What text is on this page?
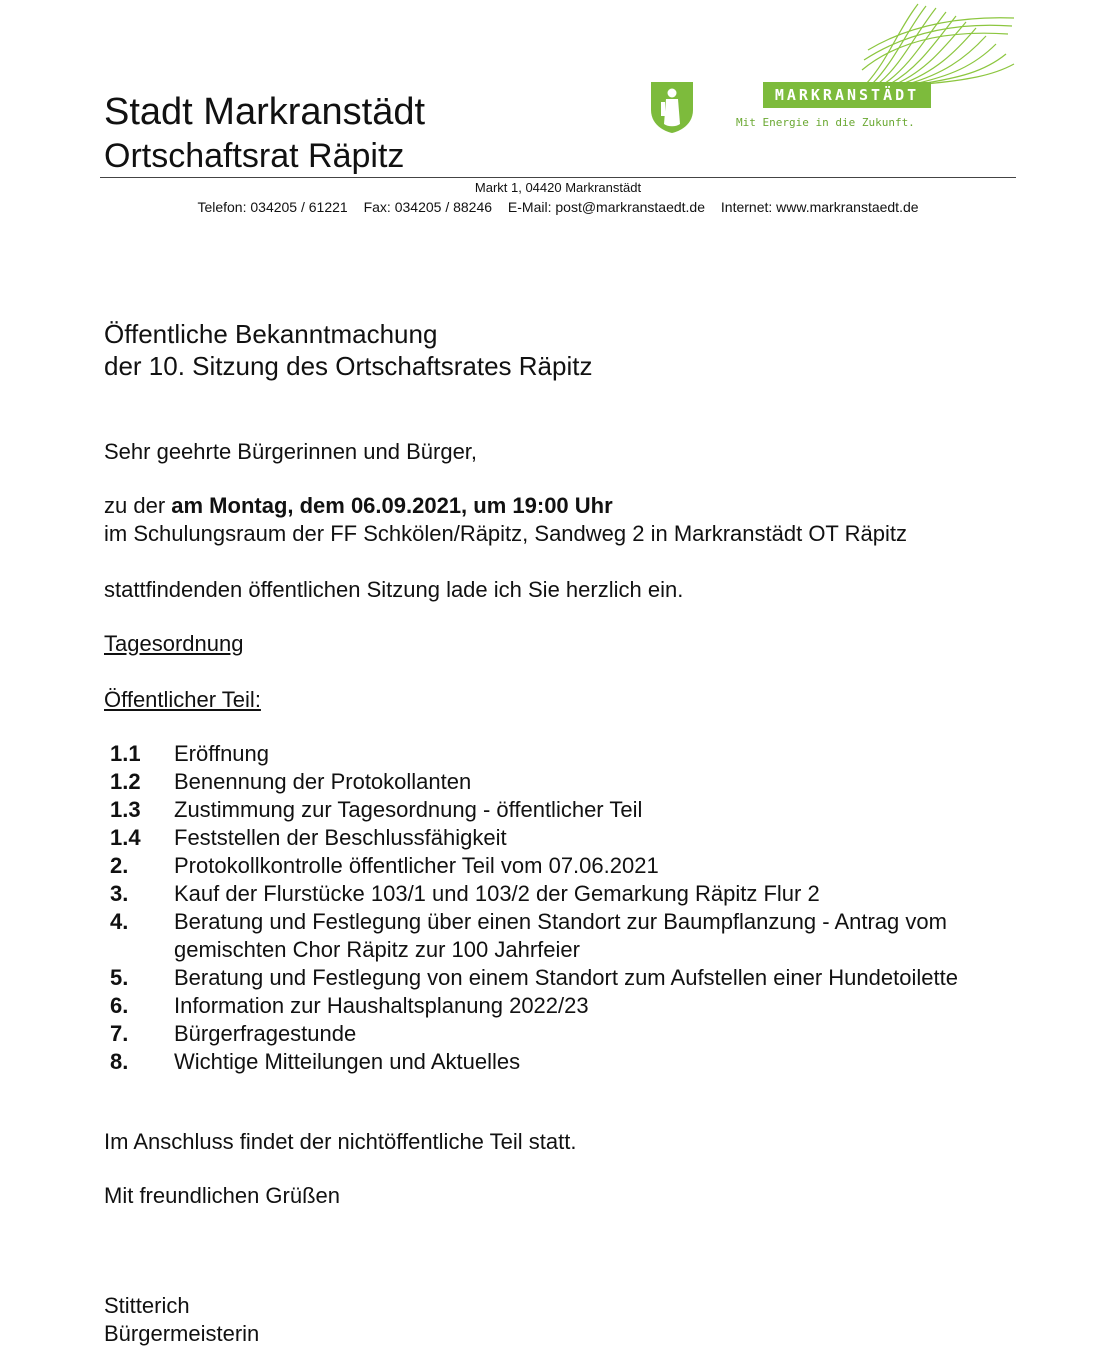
Stadt Markranstädt
Ortschaftsrat Räpitz
MARKRANSTÄDT
Mit Energie in die Zukunft.
Markt 1, 04420 Markranstädt
Telefon: 034205 / 61221 Fax: 034205 / 88246 E-Mail: post@markranstaedt.de Internet: www.markranstaedt.de
Öffentliche Bekanntmachung
der 10. Sitzung des Ortschaftsrates Räpitz
Sehr geehrte Bürgerinnen und Bürger,
zu der am Montag, dem 06.09.2021, um 19:00 Uhr
im Schulungsraum der FF Schkölen/Räpitz, Sandweg 2 in Markranstädt OT Räpitz
stattfindenden öffentlichen Sitzung lade ich Sie herzlich ein.
Tagesordnung
Öffentlicher Teil:
1.1	Eröffnung
1.2	Benennung der Protokollanten
1.3	Zustimmung zur Tagesordnung - öffentlicher Teil
1.4	Feststellen der Beschlussfähigkeit
2.	Protokollkontrolle öffentlicher Teil vom 07.06.2021
3.	Kauf der Flurstücke 103/1 und 103/2 der Gemarkung Räpitz Flur 2
4.	Beratung und Festlegung über einen Standort zur Baumpflanzung - Antrag vom gemischten Chor Räpitz zur 100 Jahrfeier
5.	Beratung und Festlegung von einem Standort zum Aufstellen einer Hundetoilette
6.	Information zur Haushaltsplanung 2022/23
7.	Bürgerfragestunde
8.	Wichtige Mitteilungen und Aktuelles
Im Anschluss findet der nichtöffentliche Teil statt.
Mit freundlichen Grüßen
Stitterich
Bürgermeisterin
